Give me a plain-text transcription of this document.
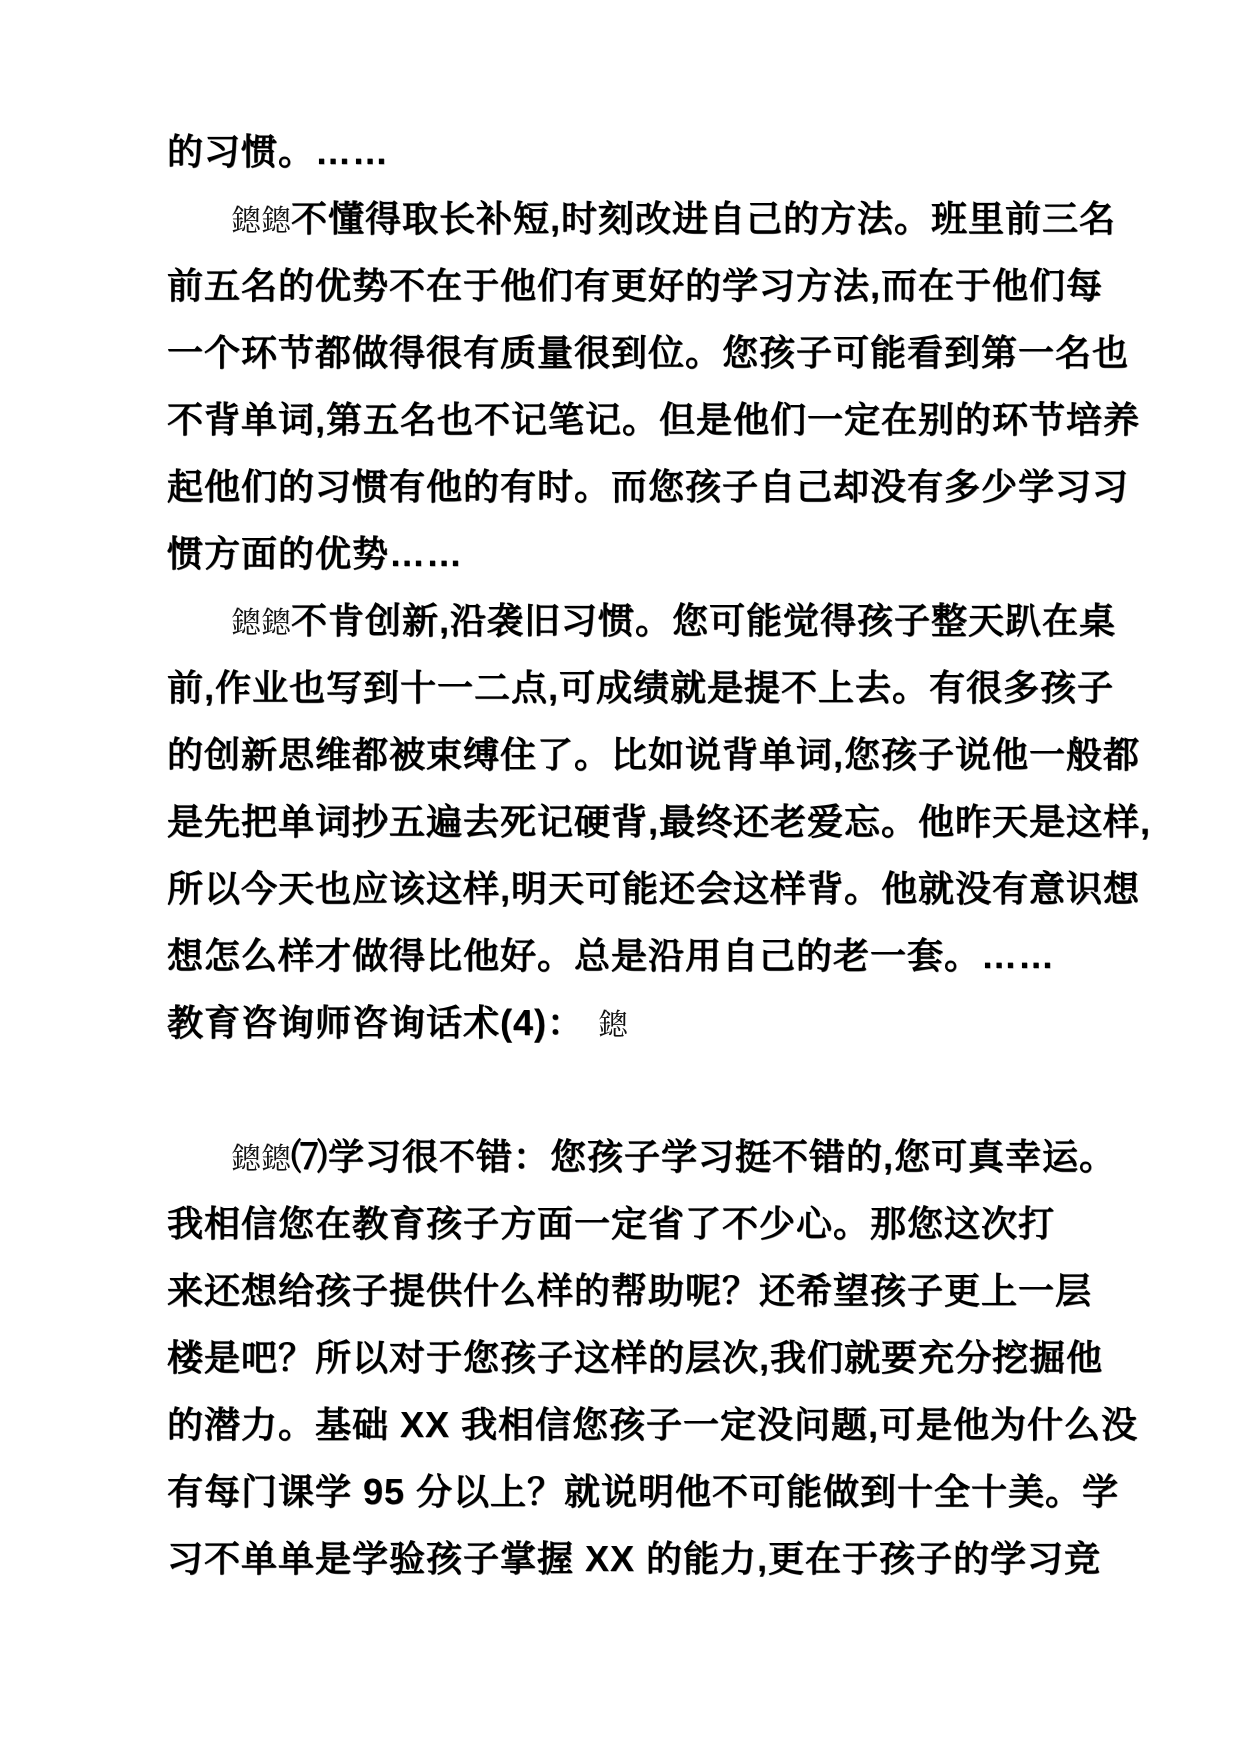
的习惯。……
鏓鏓不懂得取长补短,时刻改进自己的方法。班里前三名
前五名的优势不在于他们有更好的学习方法,而在于他们每
一个环节都做得很有质量很到位。您孩子可能看到第一名也
不背单词,第五名也不记笔记。但是他们一定在别的环节培养
起他们的习惯有他的有时。而您孩子自己却没有多少学习习
惯方面的优势……
鏓鏓不肯创新,沿袭旧习惯。您可能觉得孩子整天趴在桌
前,作业也写到十一二点,可成绩就是提不上去。有很多孩子
的创新思维都被束缚住了。比如说背单词,您孩子说他一般都
是先把单词抄五遍去死记硬背,最终还老爱忘。他昨天是这样,
所以今天也应该这样,明天可能还会这样背。他就没有意识想
想怎么样才做得比他好。总是沿用自己的老一套。……
教育咨询师咨询话术(4)： 鏓
鏓鏓⑺学习很不错：您孩子学习挺不错的,您可真幸运。
我相信您在教育孩子方面一定省了不少心。那您这次打
来还想给孩子提供什么样的帮助呢？还希望孩子更上一层
楼是吧？所以对于您孩子这样的层次,我们就要充分挖掘他
的潜力。基础 XX 我相信您孩子一定没问题,可是他为什么没
有每门课学 95 分以上？就说明他不可能做到十全十美。学
习不单单是学验孩子掌握 XX 的能力,更在于孩子的学习竞
